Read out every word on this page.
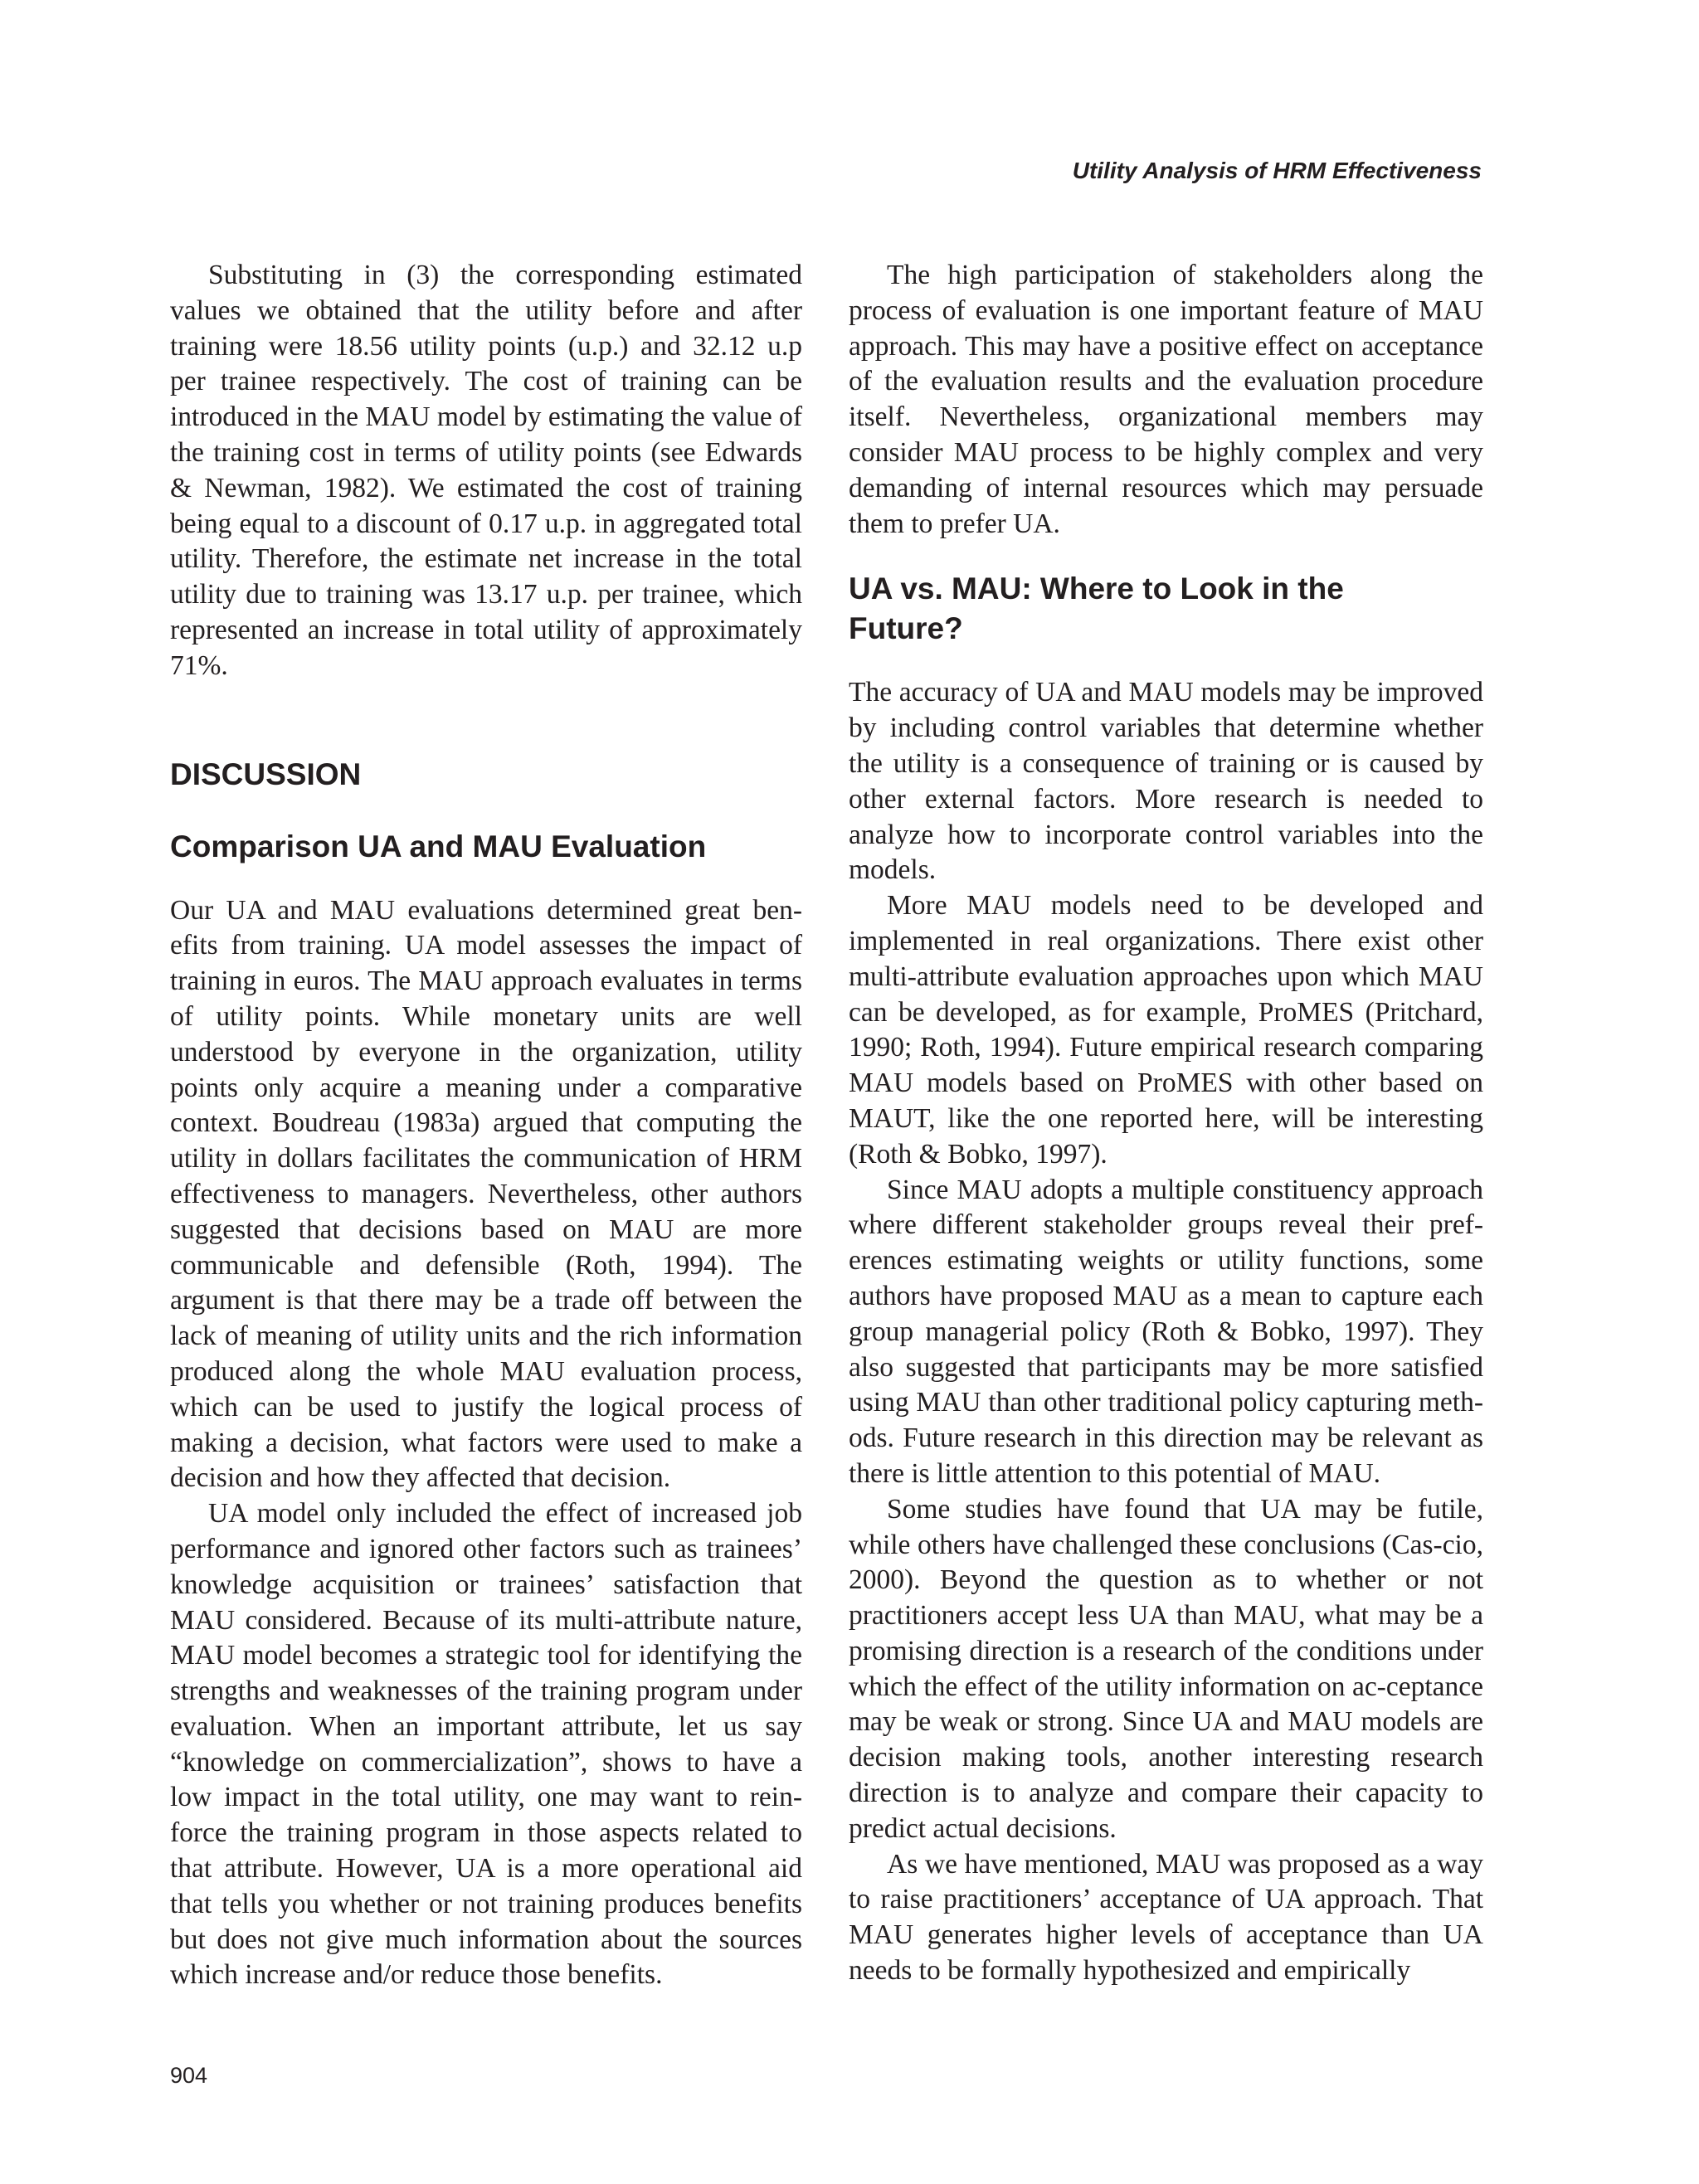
Utility Analysis of HRM Effectiveness

Substituting in (3) the corresponding estimated values we obtained that the utility before and after training were 18.56 utility points (u.p.) and 32.12 u.p per trainee respectively. The cost of training can be introduced in the MAU model by estimating the value of the training cost in terms of utility points (see Edwards & Newman, 1982). We estimated the cost of training being equal to a discount of 0.17 u.p. in aggregated total utility. Therefore, the estimate net increase in the total utility due to training was 13.17 u.p. per trainee, which represented an increase in total utility of approximately 71%.

DISCUSSION
Comparison UA and MAU Evaluation

Our UA and MAU evaluations determined great ben-efits from training. UA model assesses the impact of training in euros. The MAU approach evaluates in terms of utility points. While monetary units are well understood by everyone in the organization, utility points only acquire a meaning under a comparative context. Boudreau (1983a) argued that computing the utility in dollars facilitates the communication of HRM effectiveness to managers. Nevertheless, other authors suggested that decisions based on MAU are more communicable and defensible (Roth, 1994). The argument is that there may be a trade off between the lack of meaning of utility units and the rich information produced along the whole MAU evaluation process, which can be used to justify the logical process of making a decision, what factors were used to make a decision and how they affected that decision.

UA model only included the effect of increased job performance and ignored other factors such as trainees’ knowledge acquisition or trainees’ satisfaction that MAU considered. Because of its multi-attribute nature, MAU model becomes a strategic tool for identifying the strengths and weaknesses of the training program under evaluation. When an important attribute, let us say “knowledge on commercialization”, shows to have a low impact in the total utility, one may want to rein-force the training program in those aspects related to that attribute. However, UA is a more operational aid that tells you whether or not training produces benefits but does not give much information about the sources which increase and/or reduce those benefits.

The high participation of stakeholders along the process of evaluation is one important feature of MAU approach. This may have a positive effect on acceptance of the evaluation results and the evaluation procedure itself. Nevertheless, organizational members may consider MAU process to be highly complex and very demanding of internal resources which may persuade them to prefer UA.

UA vs. MAU: Where to Look in the
Future?

The accuracy of UA and MAU models may be improved by including control variables that determine whether the utility is a consequence of training or is caused by other external factors. More research is needed to analyze how to incorporate control variables into the models.

More MAU models need to be developed and implemented in real organizations. There exist other multi-attribute evaluation approaches upon which MAU can be developed, as for example, ProMES (Pritchard, 1990; Roth, 1994). Future empirical research comparing MAU models based on ProMES with other based on MAUT, like the one reported here, will be interesting (Roth & Bobko, 1997).

Since MAU adopts a multiple constituency approach where different stakeholder groups reveal their pref-erences estimating weights or utility functions, some authors have proposed MAU as a mean to capture each group managerial policy (Roth & Bobko, 1997). They also suggested that participants may be more satisfied using MAU than other traditional policy capturing meth-ods. Future research in this direction may be relevant as there is little attention to this potential of MAU.

Some studies have found that UA may be futile, while others have challenged these conclusions (Cas-cio, 2000). Beyond the question as to whether or not practitioners accept less UA than MAU, what may be a promising direction is a research of the conditions under which the effect of the utility information on ac-ceptance may be weak or strong. Since UA and MAU models are decision making tools, another interesting research direction is to analyze and compare their capacity to predict actual decisions.

As we have mentioned, MAU was proposed as a way to raise practitioners’ acceptance of UA approach. That MAU generates higher levels of acceptance than UA needs to be formally hypothesized and empirically

904
